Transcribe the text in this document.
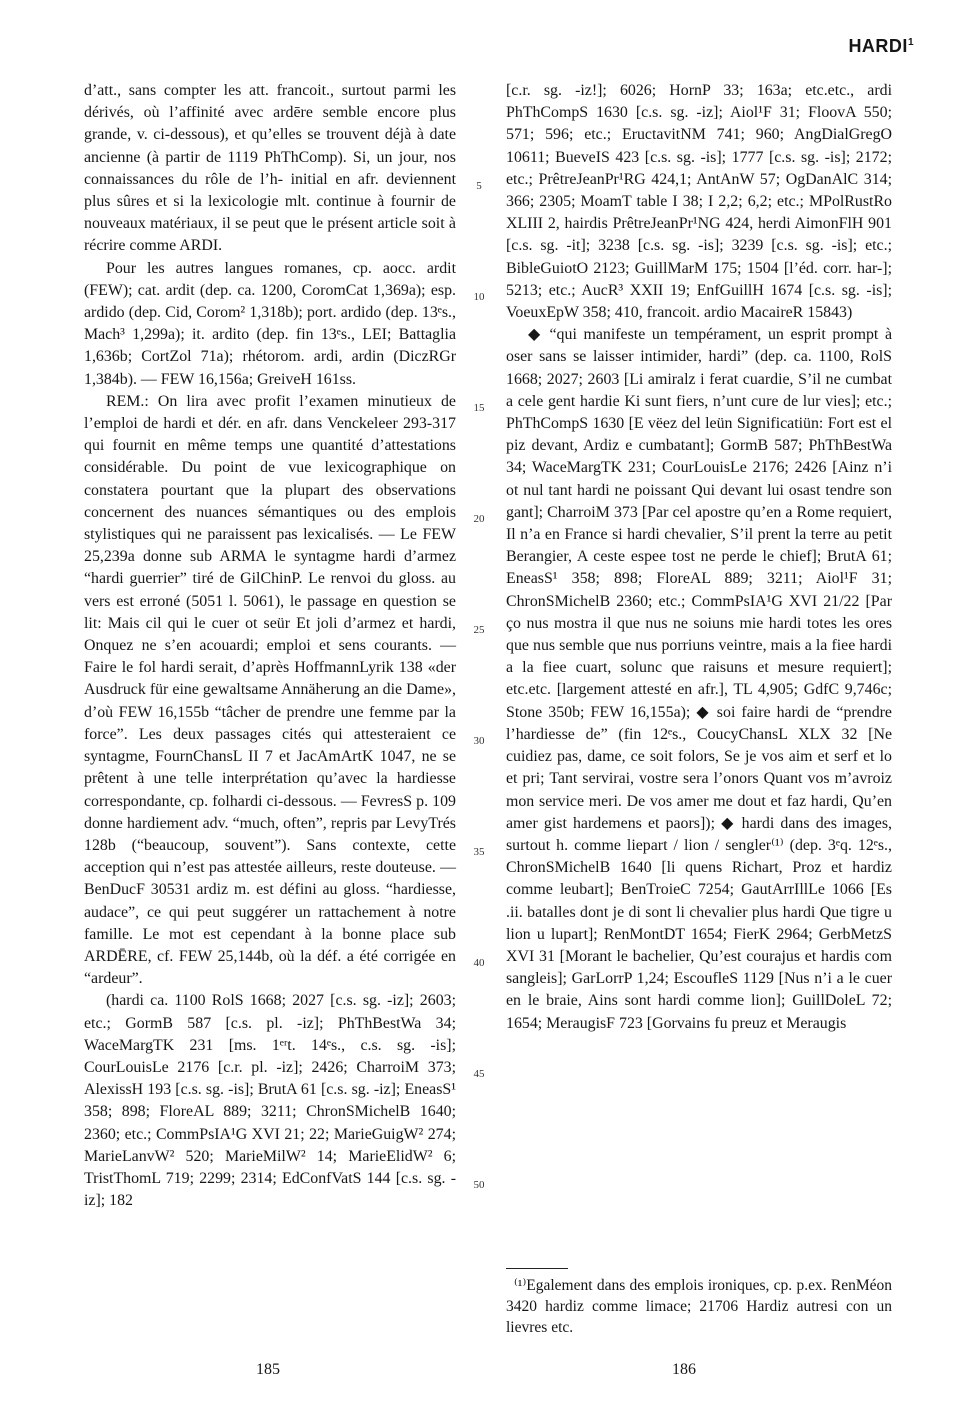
HARDI$^1$

d’att., sans compter les att. francoit., surtout parmi les dérivés, où l’affinité avec ardēre semble encore plus grande, v. ci-dessous), et qu’elles se trouvent déjà à date ancienne (à partir de 1119 PhThComp). Si, un jour, nos connaissances du rôle de l’h- initial en afr. deviennent plus sûres et si la lexicologie mlt. continue à fournir de nouveaux matériaux, il se peut que le présent article soit à récrire comme ARDI.

Pour les autres langues romanes, cp. aocc. ardit (FEW); cat. ardit (dep. ca. 1200, CoromCat 1,369a); esp. ardido (dep. Cid, Corom² 1,318b); port. ardido (dep. 13ᵉs., Mach³ 1,299a); it. ardito (dep. fin 13ᵉs., LEI; Battaglia 1,636b; CortZol 71a); rhétorom. ardi, ardin (DiczRGr 1,384b). — FEW 16,156a; GreiveH 161ss.

REM.: On lira avec profit l’examen minutieux de l’emploi de hardi et dér. en afr. dans Venckeleer 293-317 qui fournit en même temps une quantité d’attestations considérable. Du point de vue lexicographique on constatera pourtant que la plupart des observations concernent des nuances sémantiques ou des emplois stylistiques qui ne paraissent pas lexicalisés. — Le FEW 25,239a donne sub ARMA le syntagme hardi d’armez “hardi guerrier” tiré de GilChinP. Le renvoi du gloss. au vers est erroné (5051 l. 5061), le passage en question se lit: Mais cil qui le cuer ot seür Et joli d’armez et hardi, Onquez ne s’en acouardi; emploi et sens courants. — Faire le fol hardi serait, d’après HoffmannLyrik 138 «der Ausdruck für eine gewaltsame Annäherung an die Dame», d’où FEW 16,155b “tâcher de prendre une femme par la force”. Les deux passages cités qui attesteraient ce syntagme, FournChansL II 7 et JacAmArtK 1047, ne se prêtent à une telle interprétation qu’avec la hardiesse correspondante, cp. folhardi ci-dessous. — FevresS p. 109 donne hardiement adv. “much, often”, repris par LevyTrés 128b (“beaucoup, souvent”). Sans contexte, cette acception qui n’est pas attestée ailleurs, reste douteuse. — BenDucF 30531 ardiz m. est défini au gloss. “hardiesse, audace”, ce qui peut suggérer un rattachement à notre famille. Le mot est cependant à la bonne place sub ARDĒRE, cf. FEW 25,144b, où la déf. a été corrigée en “ardeur”.

(hardi ca. 1100 RolS 1668; 2027 [c.s. sg. -iz]; 2603; etc.; GormB 587 [c.s. pl. -iz]; PhThBestWa 34; WaceMargTK 231 [ms. 1ᵉʳt. 14ᵉs., c.s. sg. -is]; CourLouisLe 2176 [c.r. pl. -iz]; 2426; CharroiM 373; AlexissH 193 [c.s. sg. -is]; BrutA 61 [c.s. sg. -iz]; EneasS¹ 358; 898; FloreAL 889; 3211; ChronSMichelB 1640; 2360; etc.; CommPsIA¹G XVI 21; 22; MarieGuigW² 274; MarieLanvW² 520; MarieMilW² 14; MarieElidW² 6; TristThomL 719; 2299; 2314; EdConfVatS 144 [c.s. sg. -iz]; 182

5
10
15
20
25
30
35
40
45
50

[c.r. sg. -iz!]; 6026; HornP 33; 163a; etc.etc., ardi PhThCompS 1630 [c.s. sg. -iz]; Aiol¹F 31; FloovA 550; 571; 596; etc.; EructavitNM 741; 960; AngDialGregO 10611; BueveIS 423 [c.s. sg. -is]; 1777 [c.s. sg. -is]; 2172; etc.; PrêtreJeanPr¹RG 424,1; AntAnW 57; OgDanAlC 314; 366; 2305; MoamT table I 38; I 2,2; 6,2; etc.; MPolRustRo XLIII 2, hairdis PrêtreJeanPr¹NG 424, herdi AimonFlH 901 [c.s. sg. -it]; 3238 [c.s. sg. -is]; 3239 [c.s. sg. -is]; etc.; BibleGuiotO 2123; GuillMarM 175; 1504 [l’éd. corr. har-]; 5213; etc.; AucR³ XXII 19; EnfGuillH 1674 [c.s. sg. -is]; VoeuxEpW 358; 410, francoit. ardio MacaireR 15843)

◆ “qui manifeste un tempérament, un esprit prompt à oser sans se laisser intimider, hardi” (dep. ca. 1100, RolS 1668; 2027; 2603 [Li amiralz i ferat cuardie, S’il ne cumbat a cele gent hardie Ki sunt fiers, n’unt cure de lur vies]; etc.; PhThCompS 1630 [E vëez del leün Significatiün: Fort est el piz devant, Ardiz e cumbatant]; GormB 587; PhThBestWa 34; WaceMargTK 231; CourLouisLe 2176; 2426 [Ainz n’i ot nul tant hardi ne poissant Qui devant lui osast tendre son gant]; CharroiM 373 [Par cel apostre qu’en a Rome requiert, Il n’a en France si hardi chevalier, S’il prent la terre au petit Berangier, A ceste espee tost ne perde le chief]; BrutA 61; EneasS¹ 358; 898; FloreAL 889; 3211; Aiol¹F 31; ChronSMichelB 2360; etc.; CommPsIA¹G XVI 21/22 [Par ço nus mostra il que nus ne soiuns mie hardi totes les ores que nus semble que nus porriuns veintre, mais a la fiee hardi a la fiee cuart, solunc que raisuns et mesure requiert]; etc.etc. [largement attesté en afr.], TL 4,905; GdfC 9,746c; Stone 350b; FEW 16,155a); ◆ soi faire hardi de “prendre l’hardiesse de” (fin 12ᵉs., CoucyChansL XLX 32 [Ne cuidiez pas, dame, ce soit folors, Se je vos aim et serf et lo et pri; Tant servirai, vostre sera l’onors Quant vos m’avroiz mon service meri. De vos amer me dout et faz hardi, Qu’en amer gist hardemens et paors]); ◆ hardi dans des images, surtout h. comme liepart / lion / sengler⁽¹⁾ (dep. 3ᵉq. 12ᵉs., ChronSMichelB 1640 [li quens Richart, Proz et hardiz comme leubart]; BenTroieC 7254; GautArrIllLe 1066 [Es .ii. batalles dont je di sont li chevalier plus hardi Que tigre u lion u lupart]; RenMontDT 1654; FierK 2964; GerbMetzS XVI 31 [Morant le bachelier, Qu’est courajus et hardis com sangleis]; GarLorrP 1,24; EscoufleS 1129 [Nus n’i a le cuer en le braie, Ains sont hardi comme lion]; GuillDoleL 72; 1654; MeraugisF 723 [Gorvains fu preuz et Meraugis

⁽¹⁾Egalement dans des emplois ironiques, cp. p.ex. RenMéon 3420 hardiz comme limace; 21706 Hardiz autresi con un lievres etc.

185	186
